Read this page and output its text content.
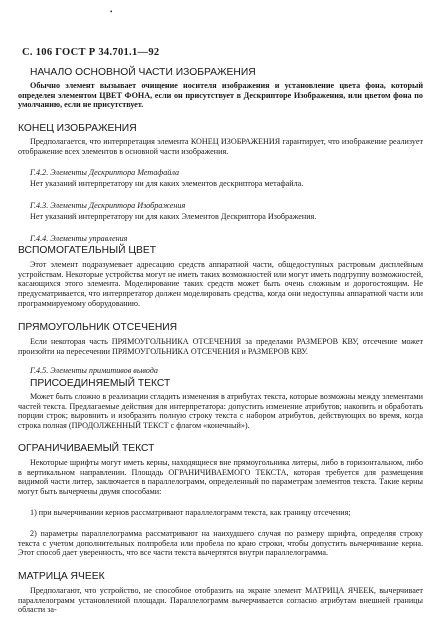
•
С. 106 ГОСТ Р 34.701.1—92

НАЧАЛО ОСНОВНОЙ ЧАСТИ ИЗОБРАЖЕНИЯ

Обычно элемент вызывает очищение носителя изображения и установление цвета фона, который определен элементом ЦВЕТ ФОНА, если он присутствует в Дескрипторе Изображения, или цветом фона по умолчанию, если не присутствует.

КОНЕЦ ИЗОБРАЖЕНИЯ

Предполагается, что интерпретация элемента КОНЕЦ ИЗОБРАЖЕНИЯ гарантирует, что изображение реализует отображение всех элементов в основной части изображения.

Г.4.2. Элементы Дескриптора Метафайла

Нет указаний интерпретатору ни для каких элементов дескриптора метафайла.

Г.4.3. Элементы Дескриптора Изображения

Нет указаний интерпретатору ни для каких Элементов Дескриптора Изображения.

Г.4.4. Элементы управления

ВСПОМОГАТЕЛЬНЫЙ ЦВЕТ

Этот элемент подразумевает адресацию средств аппаратной части, общедоступных растровым дисплейным устройствам. Некоторые устройства могут не иметь таких возможностей или могут иметь подгруппу возможностей, касающихся этого элемента. Моделирование таких средств может быть очень сложным и дорогостоящим. Не предусматривается, что интерпретатор должен моделировать средства, когда они недоступны аппаратной части или программируемому оборудованию.

ПРЯМОУГОЛЬНИК ОТСЕЧЕНИЯ

Если некоторая часть ПРЯМОУГОЛЬНИКА ОТСЕЧЕНИЯ за пределами РАЗМЕРОВ КВУ, отсечение может произойти на пересечении ПРЯМОУГОЛЬНИКА ОТСЕЧЕНИЯ и РАЗМЕРОВ КВУ.

Г.4.5. Элементы примитивов вывода

ПРИСОЕДИНЯЕМЫЙ ТЕКСТ

Может быть сложно в реализации сгладить изменения в атрибутах текста, которые возможны между элементами частей текста. Предлагаемые действия для интерпретатора: допустить изменение атрибутов; накопить и обработать порции строк; выровнить и изобразить полную строку текста с набором атрибутов, действующих во время, когда строка полная (ПРОДОЛЖЕННЫЙ ТЕКСТ с флагом «конечный»).

ОГРАНИЧИВАЕМЫЙ ТЕКСТ

Некоторые шрифты могут иметь керны, находящиеся вне прямоугольника литеры, либо в горизонтальном, либо в вертикальном направлении. Площадь ОГРАНИЧИВАЕМОГО ТЕКСТА, которая требуется для размещения видимой части литер, заключается в параллелограмм, определенный по параметрам элементов текста. Такие керны могут быть вычерчены двумя способами:

1) при вычерчивании кернов рассматривают параллелограмм текста, как границу отсечения;

2) параметры параллелограмма рассматривают на наихудшего случая по размеру шрифта, определяя строку текста с учетом дополнительных полпробела или пробела по краю строки, чтобы допустить вычерчивание керна. Этот способ дает уверенность, что все части текста вычертятся внутри параллелограмма.

МАТРИЦА ЯЧЕЕК

Предполагают, что устройство, не способное отобразить на экране элемент МАТРИЦА ЯЧЕЕК, вычерчивает параллелограмм установленной площади. Параллелограмм вычерчивается согласно атрибутам внешней границы области за-
